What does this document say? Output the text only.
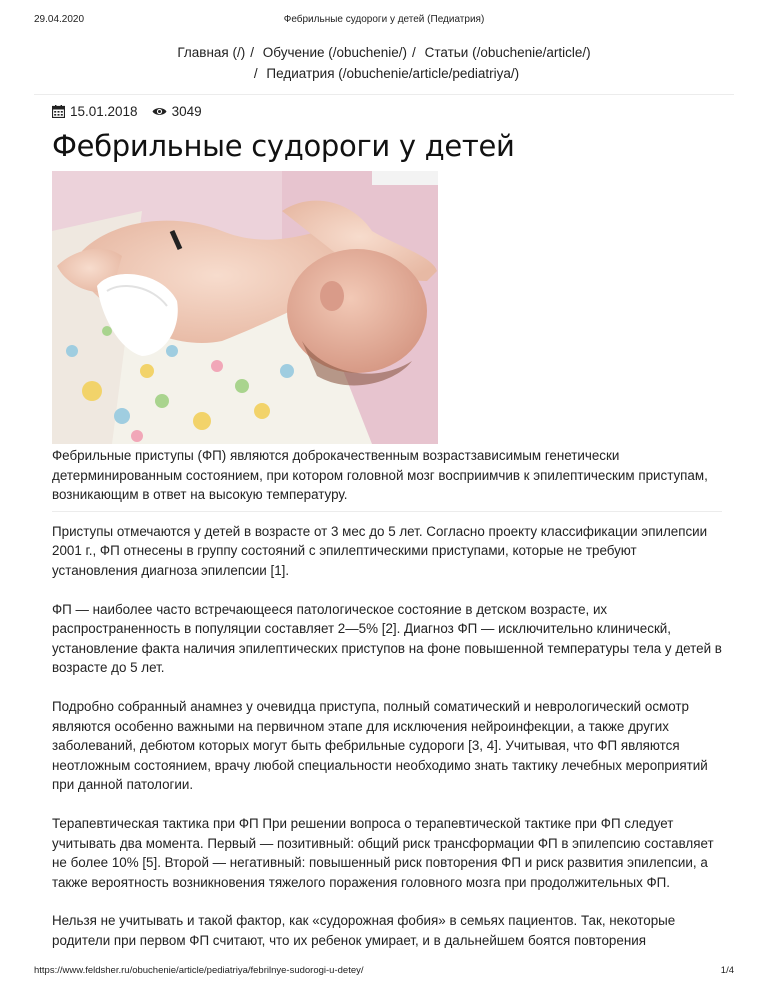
29.04.2020	Фебрильные судороги у детей (Педиатрия)
Главная (/) / Обучение (/obuchenie/) / Статьи (/obuchenie/article/)
/ Педиатрия (/obuchenie/article/pediatriya/)
15.01.2018	3049
Фебрильные судороги у детей

Фебрильные приступы (ФП) являются доброкачественным возрастзависимым генетически детерминированным состоянием, при котором головной мозг восприимчив к эпилептическим приступам, возникающим в ответ на высокую температуру.

Приступы отмечаются у детей в возрасте от 3 мес до 5 лет. Согласно проекту классификации эпилепсии 2001 г., ФП отнесены в группу состояний с эпилептическими приступами, которые не требуют установления диагноза эпилепсии [1].

ФП — наиболее часто встречающееся патологическое состояние в детском возрасте, их распространенность в популяции составляет 2—5% [2]. Диагноз ФП — исключительно клиническй, установление факта наличия эпилептических приступов на фоне повышенной температуры тела у детей в возрасте до 5 лет.

Подробно собранный анамнез у очевидца приступа, полный соматический и неврологический осмотр являются особенно важными на первичном этапе для исключения нейроинфекции, а также других заболеваний, дебютом которых могут быть фебрильные судороги [3, 4]. Учитывая, что ФП являются неотложным состоянием, врачу любой специальности необходимо знать тактику лечебных мероприятий при данной патологии.

Терапевтическая тактика при ФП При решении вопроса о терапевтической тактике при ФП следует учитывать два момента. Первый — позитивный: общий риск трансформации ФП в эпилепсию составляет не более 10% [5]. Второй — негативный: повышенный риск повторения ФП и риск развития эпилепсии, а также вероятность возникновения тяжелого поражения головного мозга при продолжительных ФП.

Нельзя не учитывать и такой фактор, как «судорожная фобия» в семьях пациентов. Так, некоторые родители при первом ФП считают, что их ребенок умирает, и в дальнейшем боятся повторения

https://www.feldsher.ru/obuchenie/article/pediatriya/febrilnye-sudorogi-u-detey/	1/4
